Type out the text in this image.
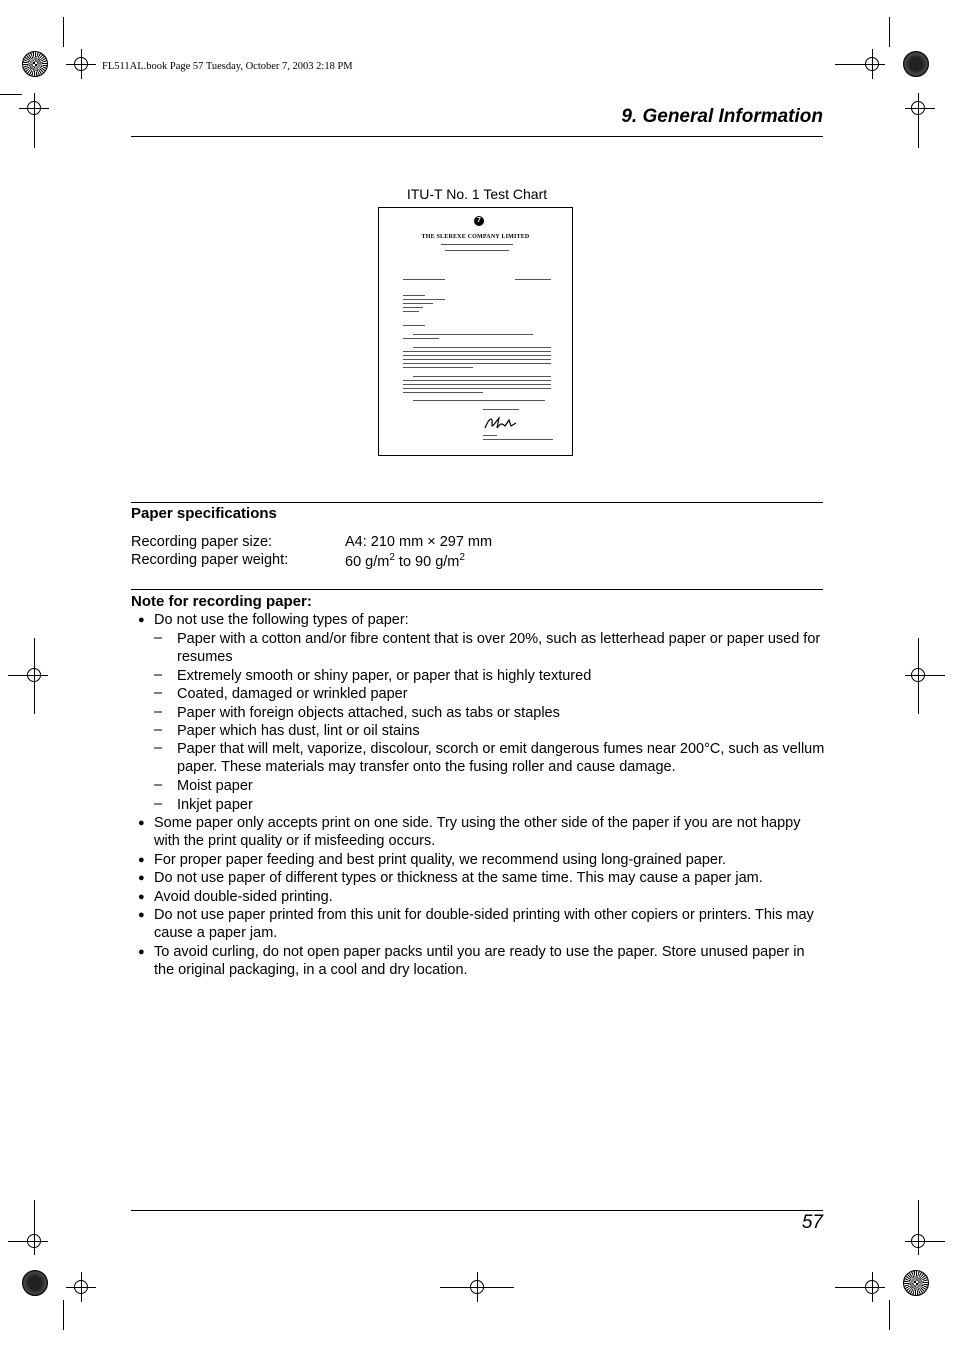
FL511AL.book Page 57 Tuesday, October 7, 2003 2:18 PM
9. General Information
ITU-T No. 1 Test Chart
7
THE SLEREXE COMPANY LIMITED
Paper specifications
Recording paper size:	A4: 210 mm × 297 mm
Recording paper weight:	60 $g/m^2$ to 90 $g/m^2$
Note for recording paper:
● Do not use the following types of paper:
– Paper with a cotton and/or fibre content that is over 20%, such as letterhead paper or paper used for resumes
– Extremely smooth or shiny paper, or paper that is highly textured
– Coated, damaged or wrinkled paper
– Paper with foreign objects attached, such as tabs or staples
– Paper which has dust, lint or oil stains
– Paper that will melt, vaporize, discolour, scorch or emit dangerous fumes near 200°C, such as vellum paper. These materials may transfer onto the fusing roller and cause damage.
– Moist paper
– Inkjet paper
● Some paper only accepts print on one side. Try using the other side of the paper if you are not happy with the print quality or if misfeeding occurs.
● For proper paper feeding and best print quality, we recommend using long-grained paper.
● Do not use paper of different types or thickness at the same time. This may cause a paper jam.
● Avoid double-sided printing.
● Do not use paper printed from this unit for double-sided printing with other copiers or printers. This may cause a paper jam.
● To avoid curling, do not open paper packs until you are ready to use the paper. Store unused paper in the original packaging, in a cool and dry location.
57
